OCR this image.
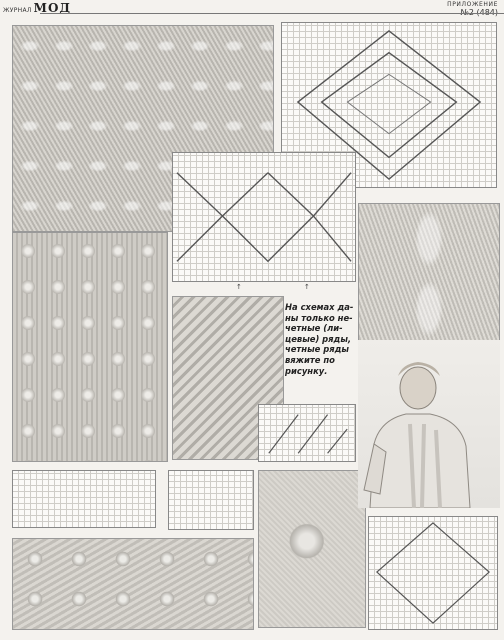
ЖУРНАЛ МОД	ПРИЛОЖЕНИЕ
№2 (484)
↑	↑
На схемах да-
ны только не-
четные (ли-
цевые) ряды,
четные ряды
вяжите по
рисунку.
